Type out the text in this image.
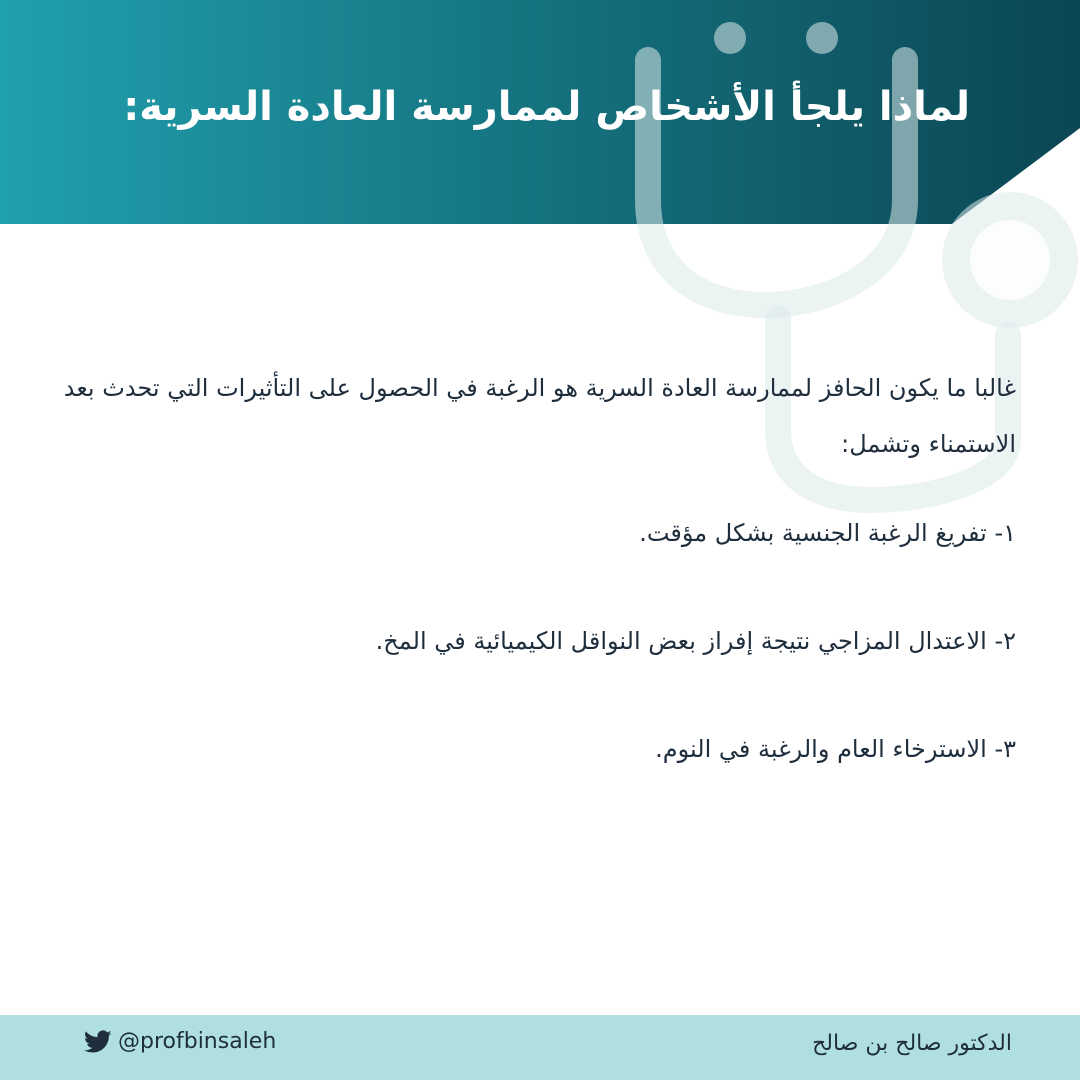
لماذا يلجأ الأشخاص لممارسة العادة السرية:

غالبا ما يكون الحافز لممارسة العادة السرية هو الرغبة في الحصول على التأثيرات التي تحدث بعد الاستمناء وتشمل:

١- تفريغ الرغبة الجنسية بشكل مؤقت.

٢- الاعتدال المزاجي نتيجة إفراز بعض النواقل الكيميائية في المخ.

٣- الاسترخاء العام والرغبة في النوم.

الدكتور صالح بن صالح
@profbinsaleh
